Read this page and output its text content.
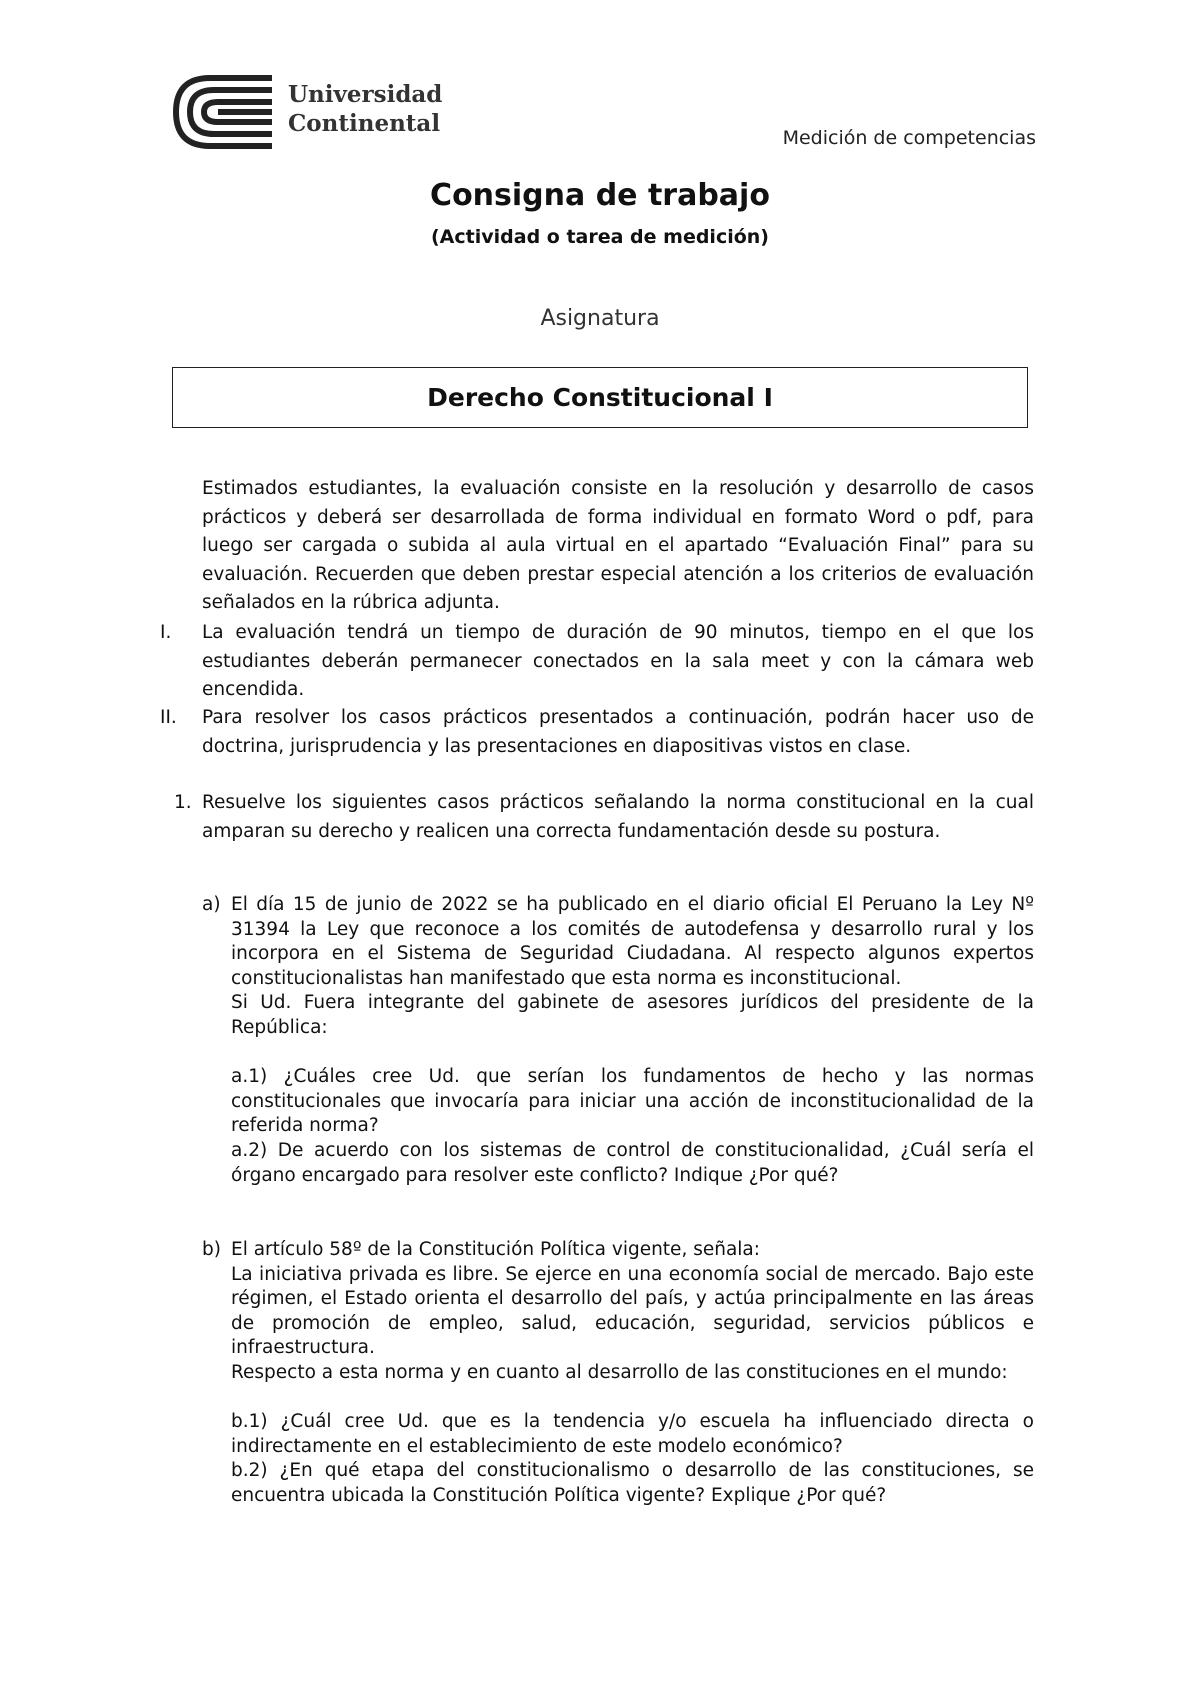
Universidad
Continental
Medición de competencias
Consigna de trabajo
(Actividad o tarea de medición)
Asignatura
Derecho Constitucional I
Estimados estudiantes, la evaluación consiste en la resolución y desarrollo de casos prácticos y deberá ser desarrollada de forma individual en formato Word o pdf, para luego ser cargada o subida al aula virtual en el apartado “Evaluación Final” para su evaluación. Recuerden que deben prestar especial atención a los criterios de evaluación señalados en la rúbrica adjunta.
I. La evaluación tendrá un tiempo de duración de 90 minutos, tiempo en el que los estudiantes deberán permanecer conectados en la sala meet y con la cámara web encendida.
II. Para resolver los casos prácticos presentados a continuación, podrán hacer uso de doctrina, jurisprudencia y las presentaciones en diapositivas vistos en clase.
1. Resuelve los siguientes casos prácticos señalando la norma constitucional en la cual amparan su derecho y realicen una correcta fundamentación desde su postura.
a) El día 15 de junio de 2022 se ha publicado en el diario oficial El Peruano la Ley Nº 31394 la Ley que reconoce a los comités de autodefensa y desarrollo rural y los incorpora en el Sistema de Seguridad Ciudadana. Al respecto algunos expertos constitucionalistas han manifestado que esta norma es inconstitucional.

Si Ud. Fuera integrante del gabinete de asesores jurídicos del presidente de la República:

a.1) ¿Cuáles cree Ud. que serían los fundamentos de hecho y las normas constitucionales que invocaría para iniciar una acción de inconstitucionalidad de la referida norma?

a.2) De acuerdo con los sistemas de control de constitucionalidad, ¿Cuál sería el órgano encargado para resolver este conflicto? Indique ¿Por qué?

b) El artículo 58º de la Constitución Política vigente, señala:

La iniciativa privada es libre. Se ejerce en una economía social de mercado. Bajo este régimen, el Estado orienta el desarrollo del país, y actúa principalmente en las áreas de promoción de empleo, salud, educación, seguridad, servicios públicos e infraestructura.

Respecto a esta norma y en cuanto al desarrollo de las constituciones en el mundo:

b.1) ¿Cuál cree Ud. que es la tendencia y/o escuela ha influenciado directa o indirectamente en el establecimiento de este modelo económico?

b.2) ¿En qué etapa del constitucionalismo o desarrollo de las constituciones, se encuentra ubicada la Constitución Política vigente? Explique ¿Por qué?
